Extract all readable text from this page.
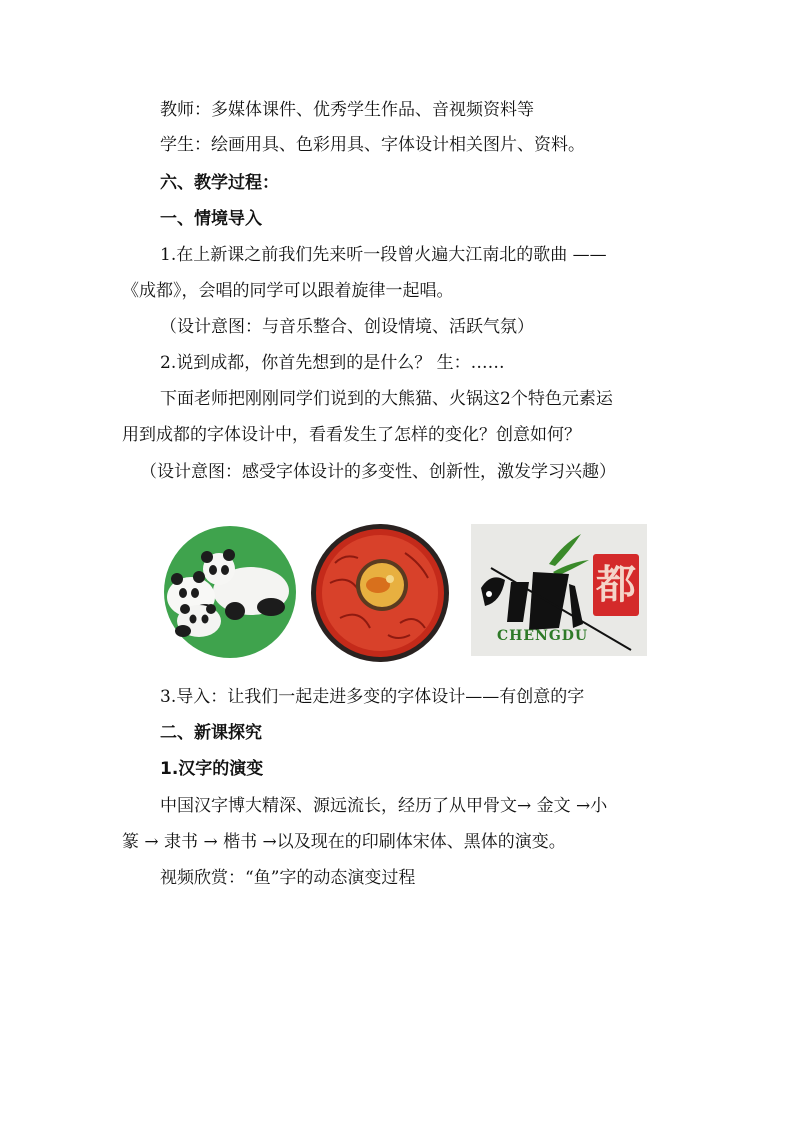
教师：多媒体课件、优秀学生作品、音视频资料等

学生：绘画用具、色彩用具、字体设计相关图片、资料。

六、教学过程：

一、情境导入

1.在上新课之前我们先来听一段曾火遍大江南北的歌曲 ——

《成都》，会唱的同学可以跟着旋律一起唱。

（设计意图：与音乐整合、创设情境、活跃气氛）

2.说到成都，你首先想到的是什么？ 生：……

下面老师把刚刚同学们说到的大熊猫、火锅这2个特色元素运

用到成都的字体设计中，看看发生了怎样的变化？创意如何？

（设计意图：感受字体设计的多变性、创新性，激发学习兴趣）

都
CHENGDU

3.导入：让我们一起走进多变的字体设计——有创意的字

二、新课探究

1.汉字的演变

中国汉字博大精深、源远流长，经历了从甲骨文→ 金文 →小

篆 → 隶书 → 楷书 →以及现在的印刷体宋体、黑体的演变。

视频欣赏：“鱼”字的动态演变过程
